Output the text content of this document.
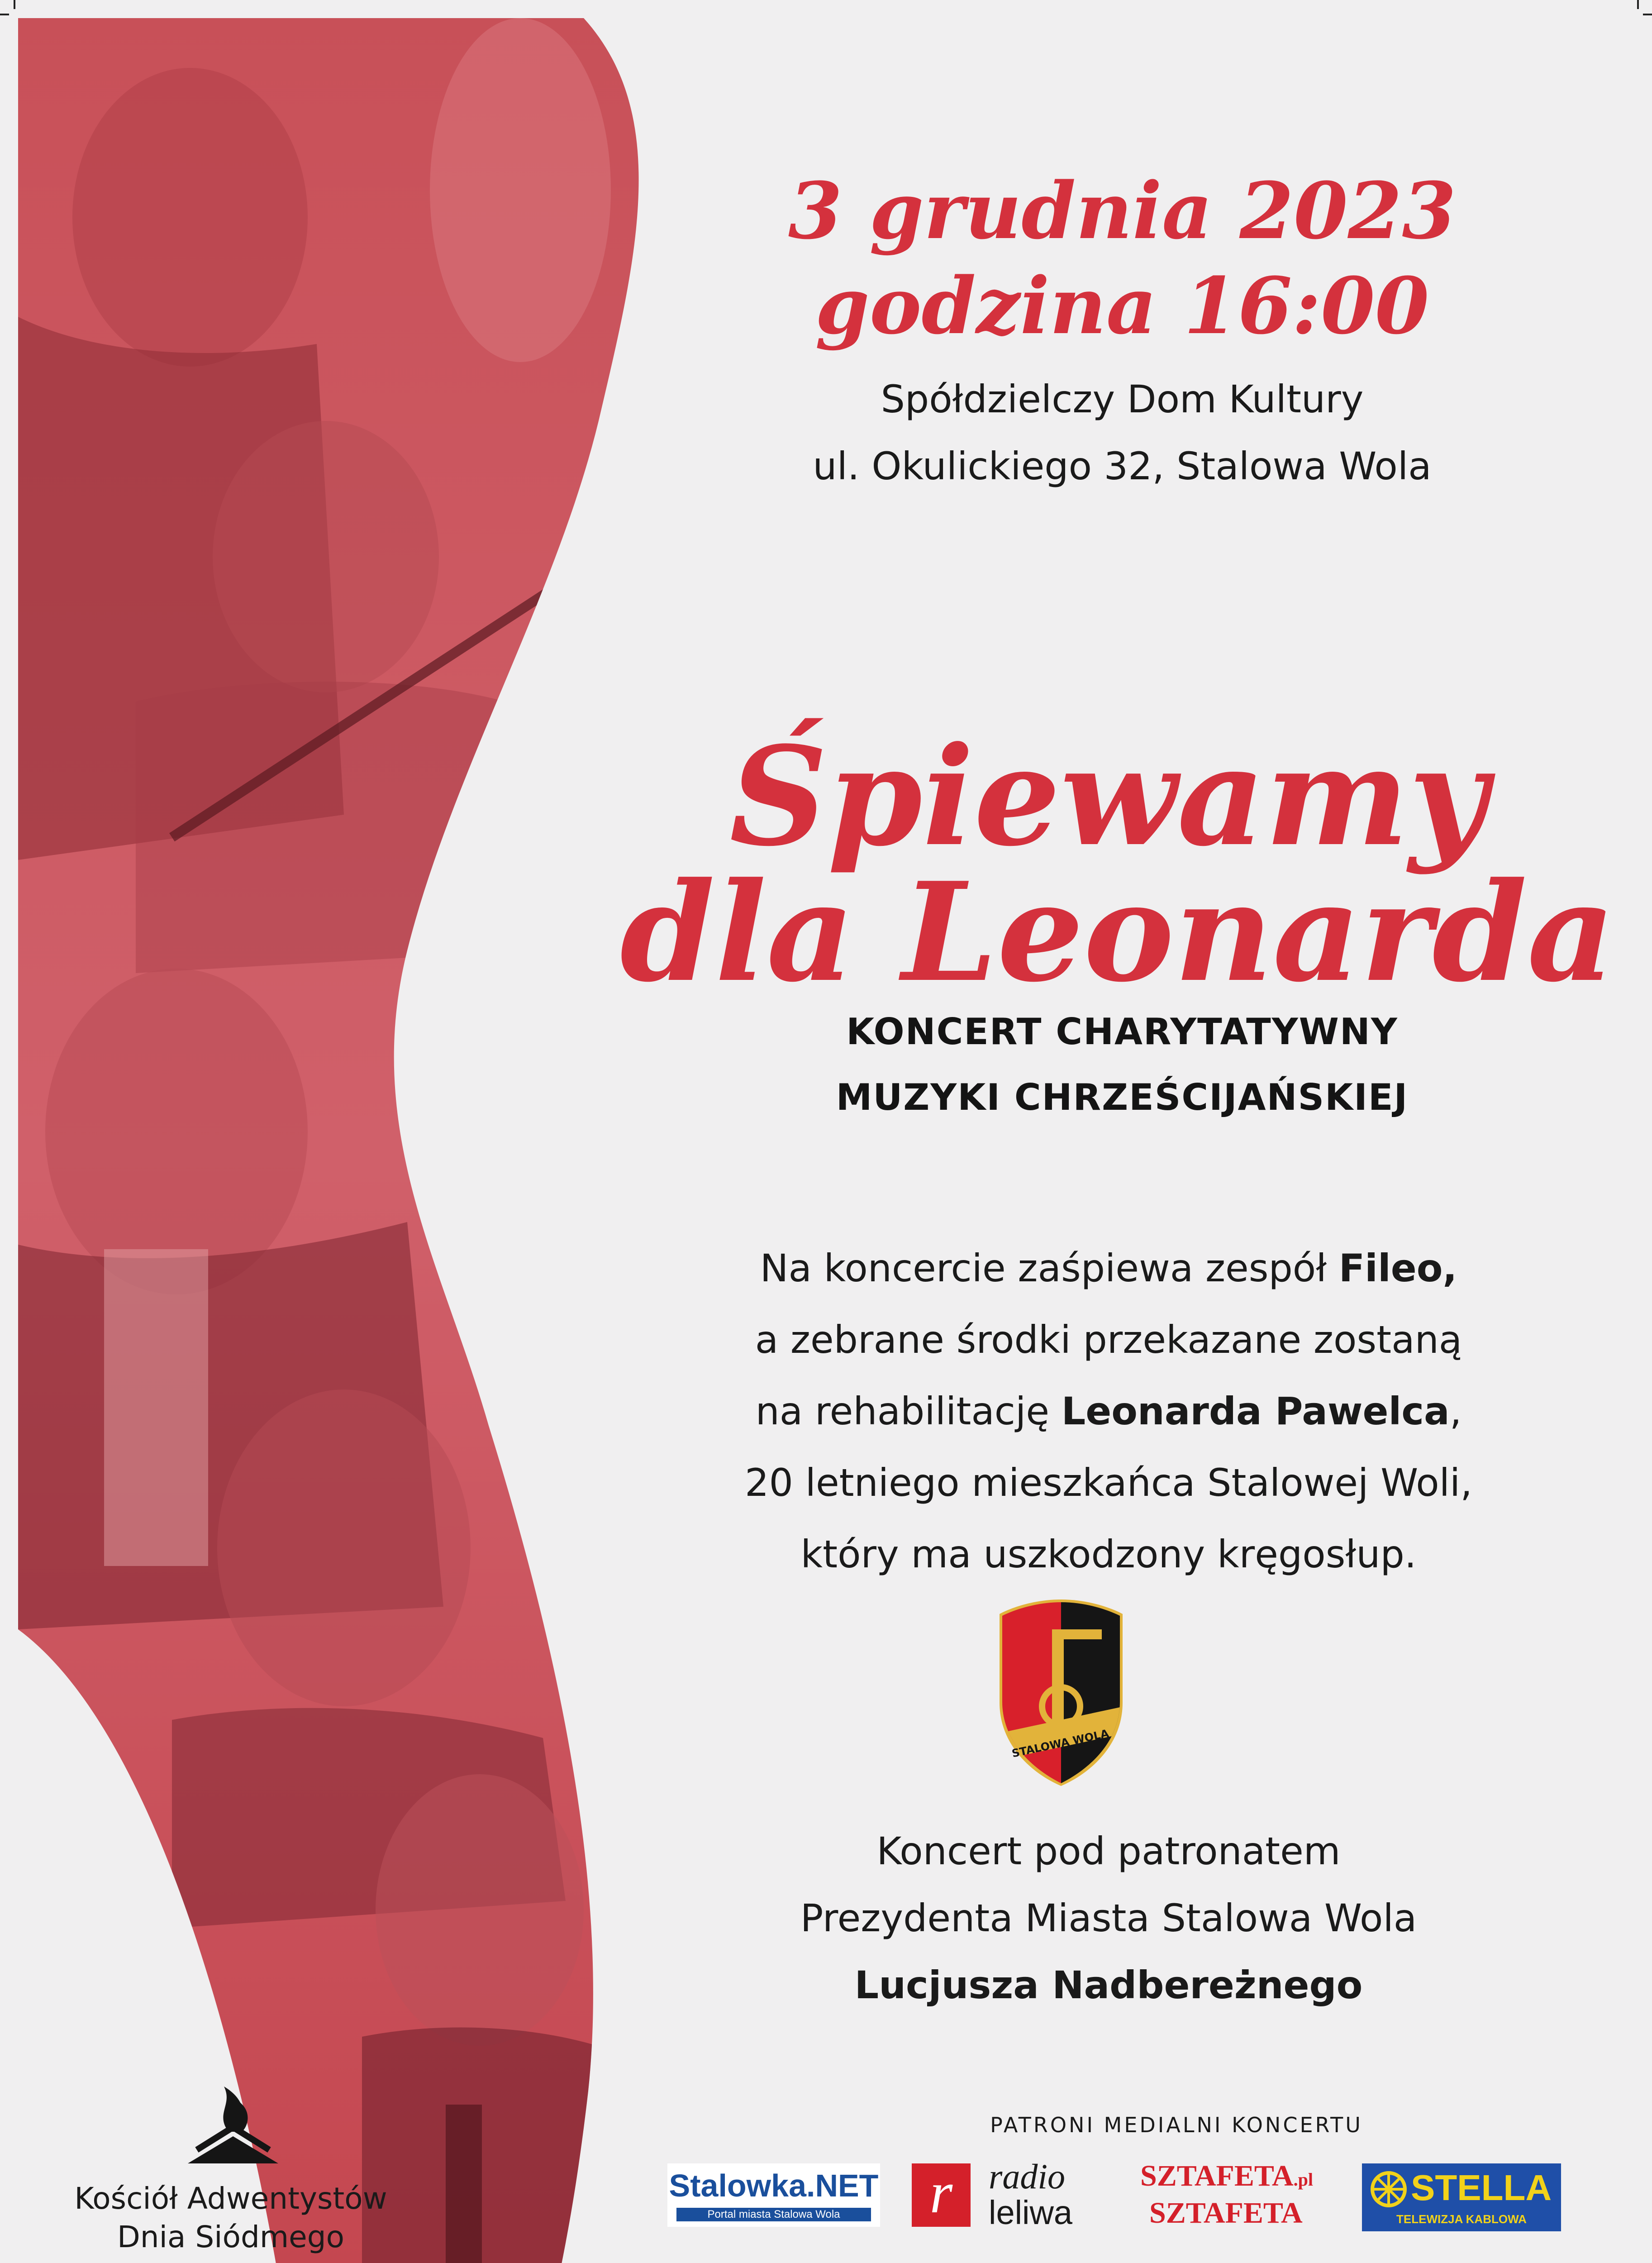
3 grudnia 2023
godzina 16:00
Spółdzielczy Dom Kultury
ul. Okulickiego 32, Stalowa Wola
Śpiewamy
dla Leonarda
KONCERT CHARYTATYWNY
MUZYKI CHRZEŚCIJAŃSKIEJ
Na koncercie zaśpiewa zespół Fileo,
a zebrane środki przekazane zostaną
na rehabilitację Leonarda Pawelca,
20 letniego mieszkańca Stalowej Woli,
który ma uszkodzony kręgosłup.
STALOWA WOLA
Koncert pod patronatem
Prezydenta Miasta Stalowa Wola
Lucjusza Nadbereżnego
Kościół Adwentystów
Dnia Siódmego
PATRONI MEDIALNI KONCERTU
Stalowka.NET
Portal miasta Stalowa Wola	r	radio
leliwa
SZTAFETA.pl
SZTAFETA
STELLA
TELEWIZJA KABLOWA
